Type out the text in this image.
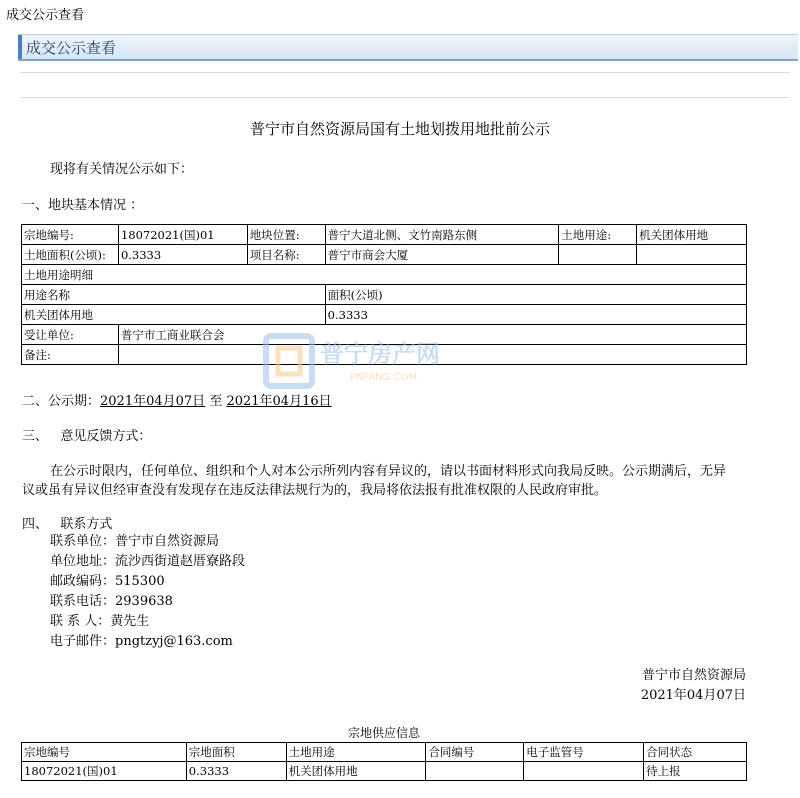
成交公示查看
成交公示查看
普宁市自然资源局国有土地划拨用地批前公示
现将有关情况公示如下：
一、地块基本情况 ：
宗地编号:	18072021(国)01	地块位置:	普宁大道北侧、文竹南路东侧	土地用途:	机关团体用地
土地面积(公顷):	0.3333	项目名称:	普宁市商会大厦		
土地用途明细					
用途名称			面积(公顷)		
机关团体用地			0.3333		
受让单位:	普宁市工商业联合会				
备注:						普宁房产网
PNFANG.COM
二、公示期：2021年04月07日 至 2021年04月16日
三、   意见反馈方式：
在公示时限内，任何单位、组织和个人对本公示所列内容有异议的，请以书面材料形式向我局反映。公示期满后，无异
议或虽有异议但经审查没有发现存在违反法律法规行为的，我局将依法报有批准权限的人民政府审批。
四、   联系方式
联系单位：普宁市自然资源局
单位地址：流沙西街道赵厝寮路段
邮政编码：515300
联系电话：2939638
联 系 人：黄先生
电子邮件：pngtzyj@163.com
普宁市自然资源局
2021年04月07日
宗地供应信息
宗地编号	宗地面积	土地用途	合同编号	电子监管号	合同状态
18072021(国)01	0.3333	机关团体用地			待上报
